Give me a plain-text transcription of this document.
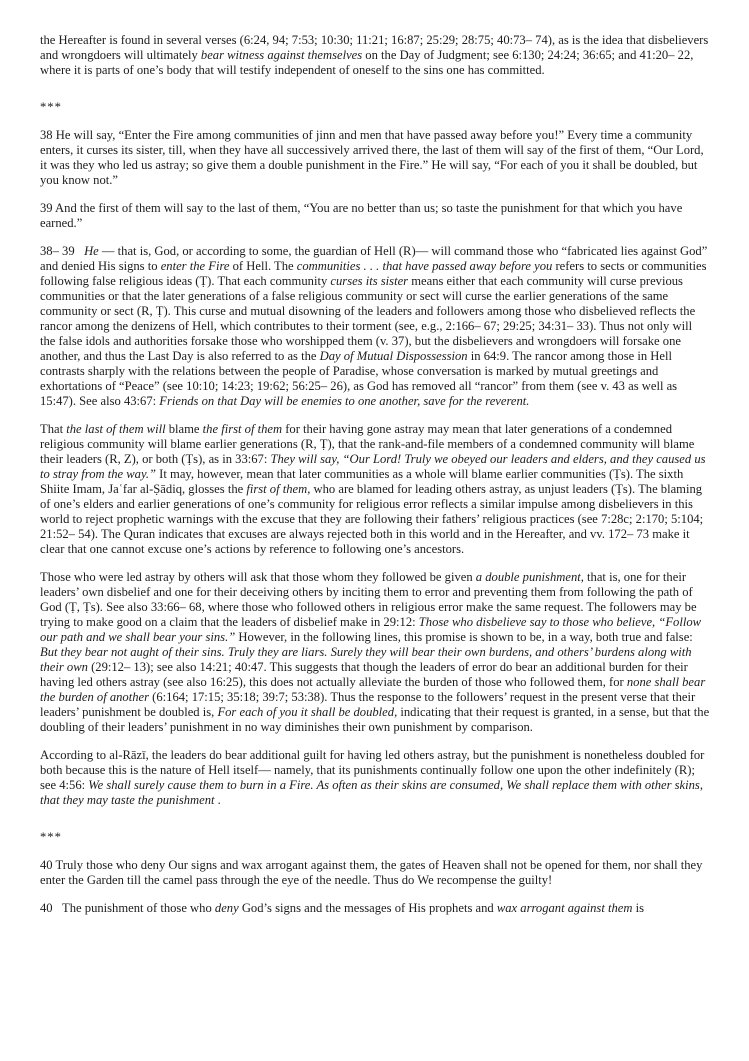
the Hereafter is found in several verses (6:24, 94; 7:53; 10:30; 11:21; 16:87; 25:29; 28:75; 40:73– 74), as is the idea that disbelievers and wrongdoers will ultimately bear witness against themselves on the Day of Judgment; see 6:130; 24:24; 36:65; and 41:20– 22, where it is parts of one’s body that will testify independent of oneself to the sins one has committed.

***

38 He will say, “Enter the Fire among communities of jinn and men that have passed away before you!” Every time a community enters, it curses its sister, till, when they have all successively arrived there, the last of them will say of the first of them, “Our Lord, it was they who led us astray; so give them a double punishment in the Fire.” He will say, “For each of you it shall be doubled, but you know not.”

39 And the first of them will say to the last of them, “You are no better than us; so taste the punishment for that which you have earned.”

38– 39   He — that is, God, or according to some, the guardian of Hell (R)— will command those who “fabricated lies against God” and denied His signs to enter the Fire of Hell. The communities . . . that have passed away before you refers to sects or communities following false religious ideas (Ṭ). That each community curses its sister means either that each community will curse previous communities or that the later generations of a false religious community or sect will curse the earlier generations of the same community or sect (R, Ṭ). This curse and mutual disowning of the leaders and followers among those who disbelieved reflects the rancor among the denizens of Hell, which contributes to their torment (see, e.g., 2:166– 67; 29:25; 34:31– 33). Thus not only will the false idols and authorities forsake those who worshipped them (v. 37), but the disbelievers and wrongdoers will forsake one another, and thus the Last Day is also referred to as the Day of Mutual Dispossession in 64:9. The rancor among those in Hell contrasts sharply with the relations between the people of Paradise, whose conversation is marked by mutual greetings and exhortations of “Peace” (see 10:10; 14:23; 19:62; 56:25– 26), as God has removed all “rancor” from them (see v. 43 as well as 15:47). See also 43:67: Friends on that Day will be enemies to one another, save for the reverent.

That the last of them will blame the first of them for their having gone astray may mean that later generations of a condemned religious community will blame earlier generations (R, Ṭ), that the rank-and-file members of a condemned community will blame their leaders (R, Z), or both (Ṭs), as in 33:67: They will say, “Our Lord! Truly we obeyed our leaders and elders, and they caused us to stray from the way.” It may, however, mean that later communities as a whole will blame earlier communities (Ṭs). The sixth Shiite Imam, Jaʿfar al-Ṣādiq, glosses the first of them, who are blamed for leading others astray, as unjust leaders (Ṭs). The blaming of one’s elders and earlier generations of one’s community for religious error reflects a similar impulse among disbelievers in this world to reject prophetic warnings with the excuse that they are following their fathers’ religious practices (see 7:28c; 2:170; 5:104; 21:52– 54). The Quran indicates that excuses are always rejected both in this world and in the Hereafter, and vv. 172– 73 make it clear that one cannot excuse one’s actions by reference to following one’s ancestors.

Those who were led astray by others will ask that those whom they followed be given a double punishment, that is, one for their leaders’ own disbelief and one for their deceiving others by inciting them to error and preventing them from following the path of God (Ṭ, Ṭs). See also 33:66– 68, where those who followed others in religious error make the same request. The followers may be trying to make good on a claim that the leaders of disbelief make in 29:12: Those who disbelieve say to those who believe, “Follow our path and we shall bear your sins.” However, in the following lines, this promise is shown to be, in a way, both true and false: But they bear not aught of their sins. Truly they are liars. Surely they will bear their own burdens, and others’ burdens along with their own (29:12– 13); see also 14:21; 40:47. This suggests that though the leaders of error do bear an additional burden for their having led others astray (see also 16:25), this does not actually alleviate the burden of those who followed them, for none shall bear the burden of another (6:164; 17:15; 35:18; 39:7; 53:38). Thus the response to the followers’ request in the present verse that their leaders’ punishment be doubled is, For each of you it shall be doubled, indicating that their request is granted, in a sense, but that the doubling of their leaders’ punishment in no way diminishes their own punishment by comparison.

According to al-Rāzī, the leaders do bear additional guilt for having led others astray, but the punishment is nonetheless doubled for both because this is the nature of Hell itself— namely, that its punishments continually follow one upon the other indefinitely (R); see 4:56: We shall surely cause them to burn in a Fire. As often as their skins are consumed, We shall replace them with other skins, that they may taste the punishment .

***

40 Truly those who deny Our signs and wax arrogant against them, the gates of Heaven shall not be opened for them, nor shall they enter the Garden till the camel pass through the eye of the needle. Thus do We recompense the guilty!

40   The punishment of those who deny God’s signs and the messages of His prophets and wax arrogant against them is
